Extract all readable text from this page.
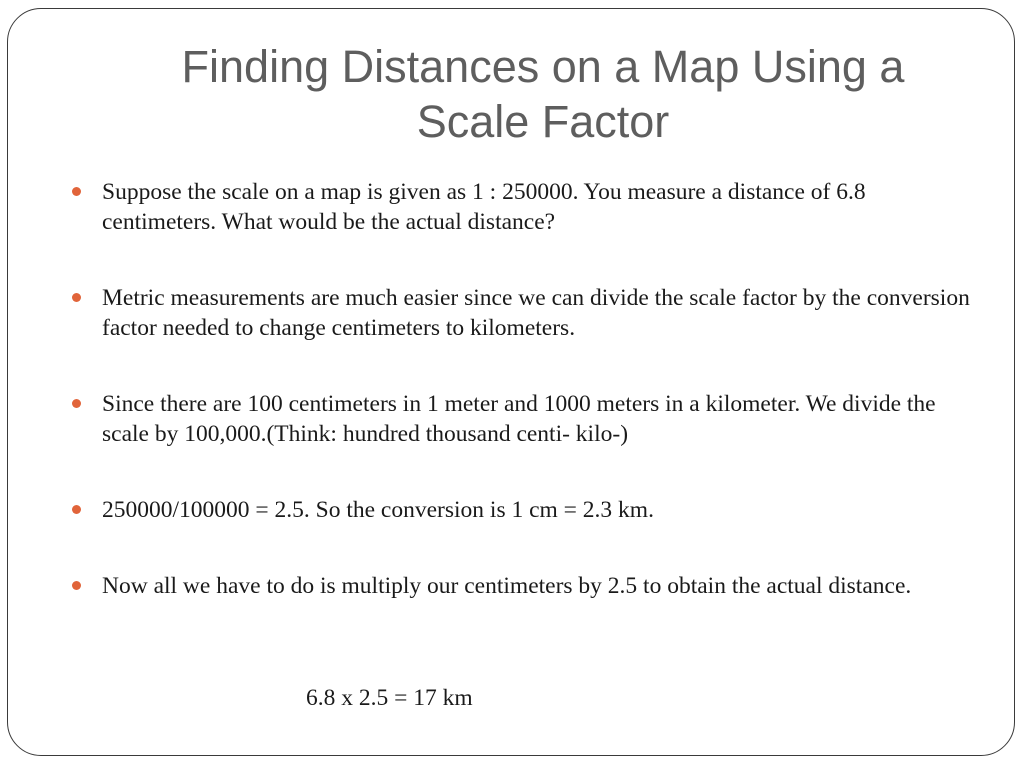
Finding Distances on a Map Using a Scale Factor
Suppose the scale on a map is given as 1 : 250000. You measure a distance of 6.8 centimeters. What would be the actual distance?
Metric measurements are much easier since we can divide the scale factor by the conversion factor needed to change centimeters to kilometers.
Since there are 100 centimeters in 1 meter and 1000 meters in a kilometer. We divide the scale by 100,000.(Think: hundred thousand centi- kilo-)
250000/100000 = 2.5. So the conversion is 1 cm = 2.3 km.
Now all we have to do is multiply our centimeters by 2.5 to obtain the actual distance.

6.8 x 2.5 = 17 km
